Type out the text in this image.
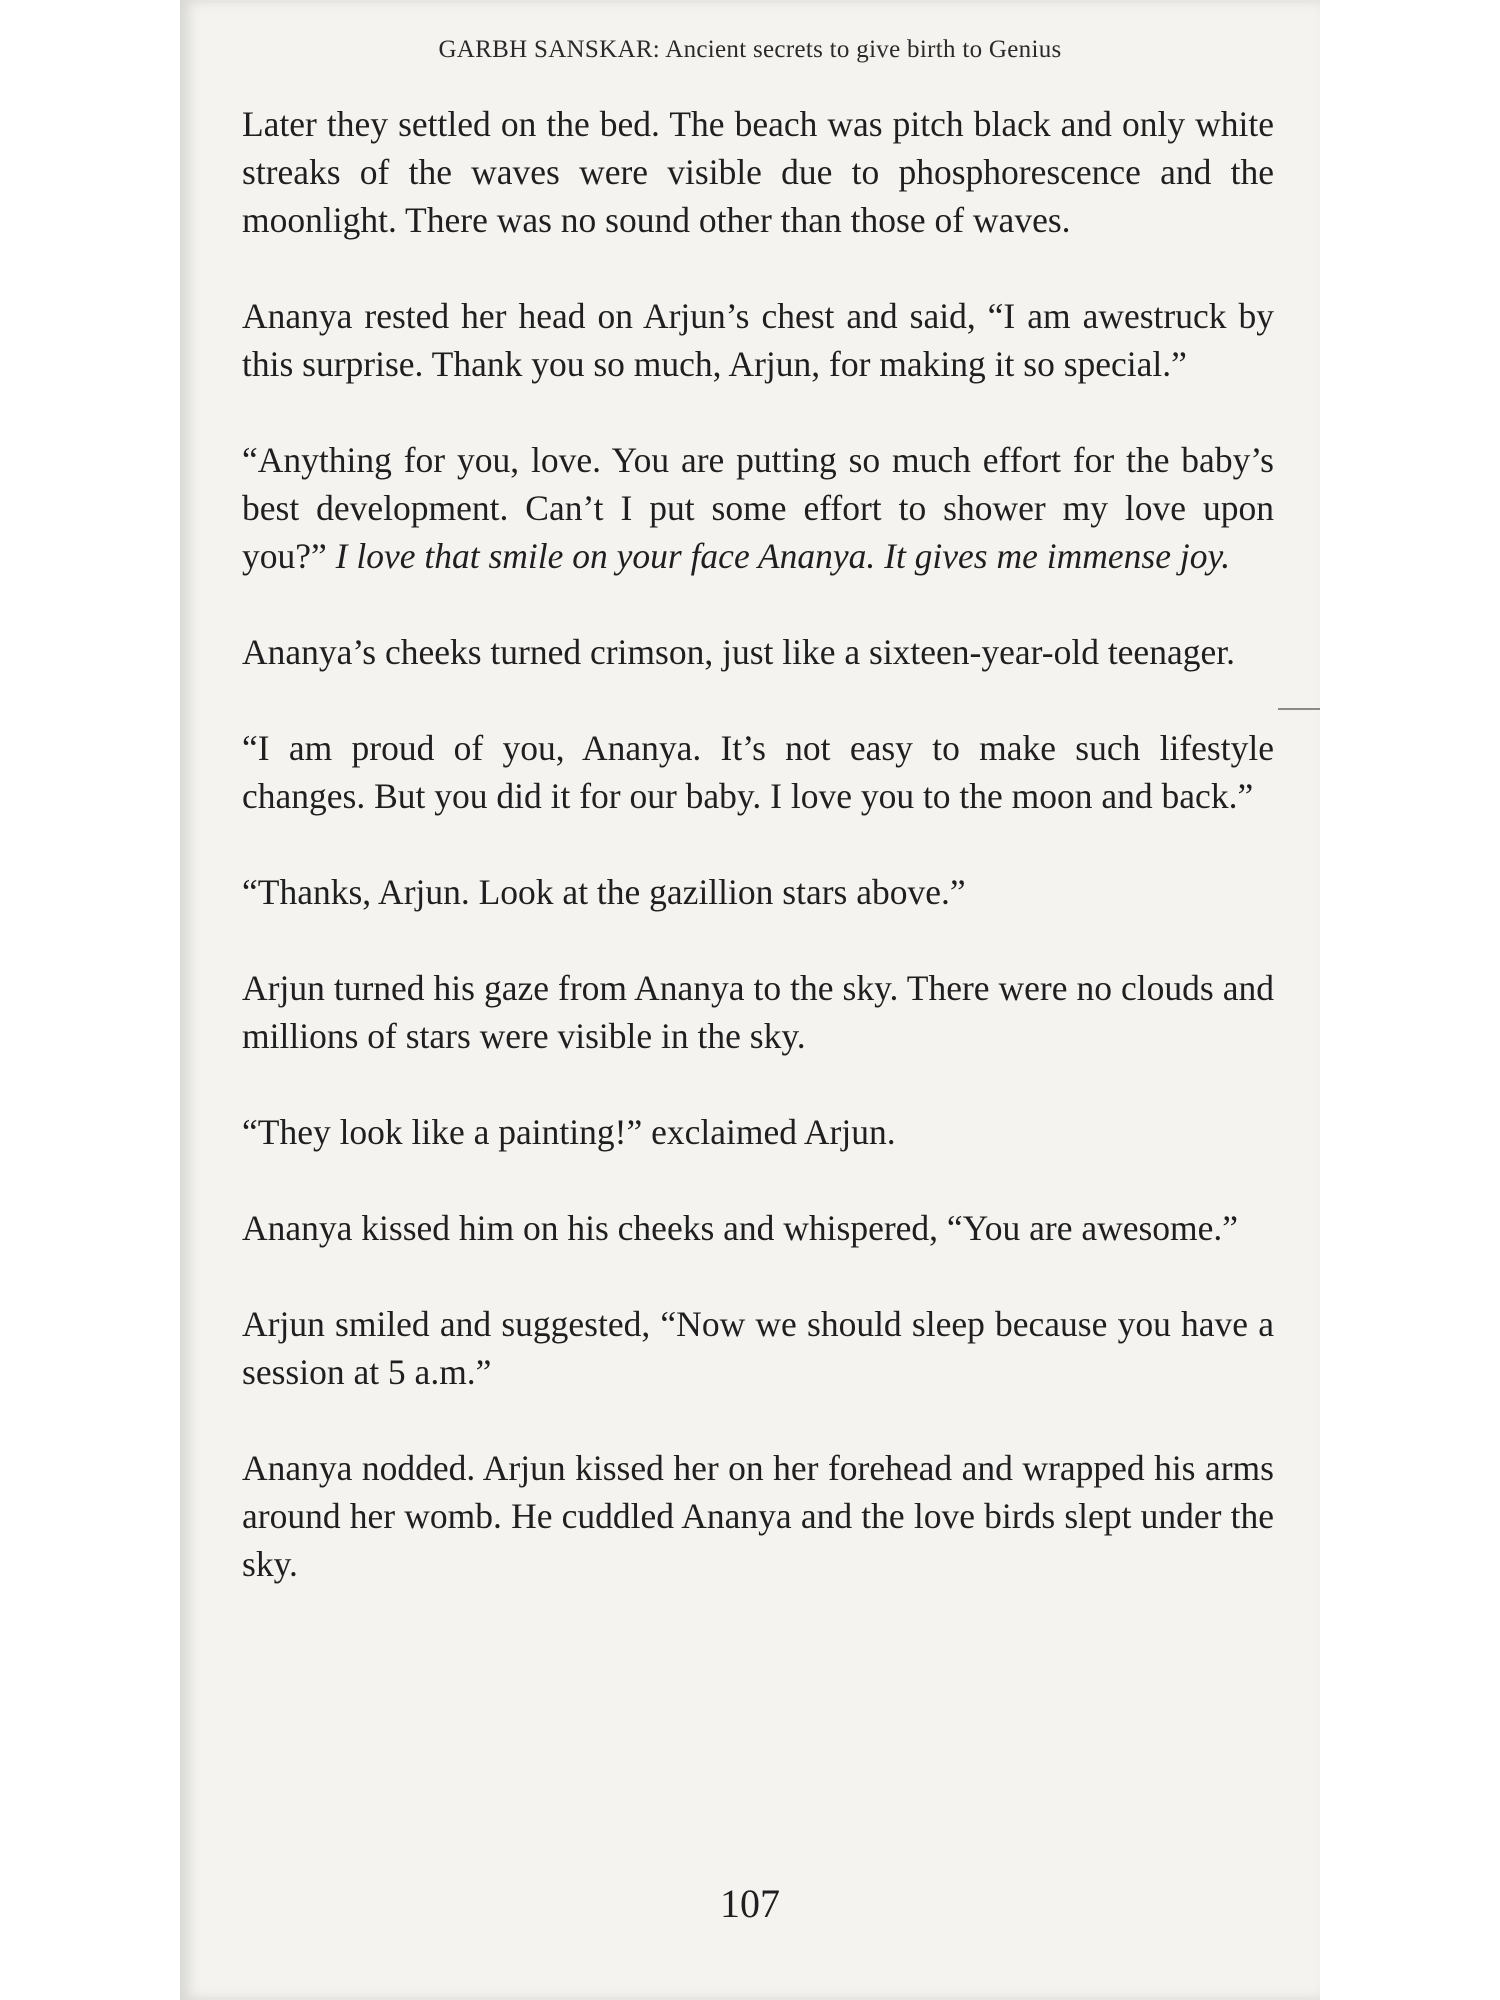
GARBH SANSKAR: Ancient secrets to give birth to Genius

Later they settled on the bed. The beach was pitch black and only white streaks of the waves were visible due to phosphorescence and the moonlight. There was no sound other than those of waves.

Ananya rested her head on Arjun’s chest and said, “I am awestruck by this surprise. Thank you so much, Arjun, for making it so special.”

“Anything for you, love. You are putting so much effort for the baby’s best development. Can’t I put some effort to shower my love upon you?” I love that smile on your face Ananya. It gives me immense joy.

Ananya’s cheeks turned crimson, just like a sixteen-year-old teenager.

“I am proud of you, Ananya. It’s not easy to make such lifestyle changes. But you did it for our baby. I love you to the moon and back.”

“Thanks, Arjun. Look at the gazillion stars above.”

Arjun turned his gaze from Ananya to the sky. There were no clouds and millions of stars were visible in the sky.

“They look like a painting!” exclaimed Arjun.

Ananya kissed him on his cheeks and whispered, “You are awesome.”

Arjun smiled and suggested, “Now we should sleep because you have a session at 5 a.m.”

Ananya nodded. Arjun kissed her on her forehead and wrapped his arms around her womb. He cuddled Ananya and the love birds slept under the sky.

107
